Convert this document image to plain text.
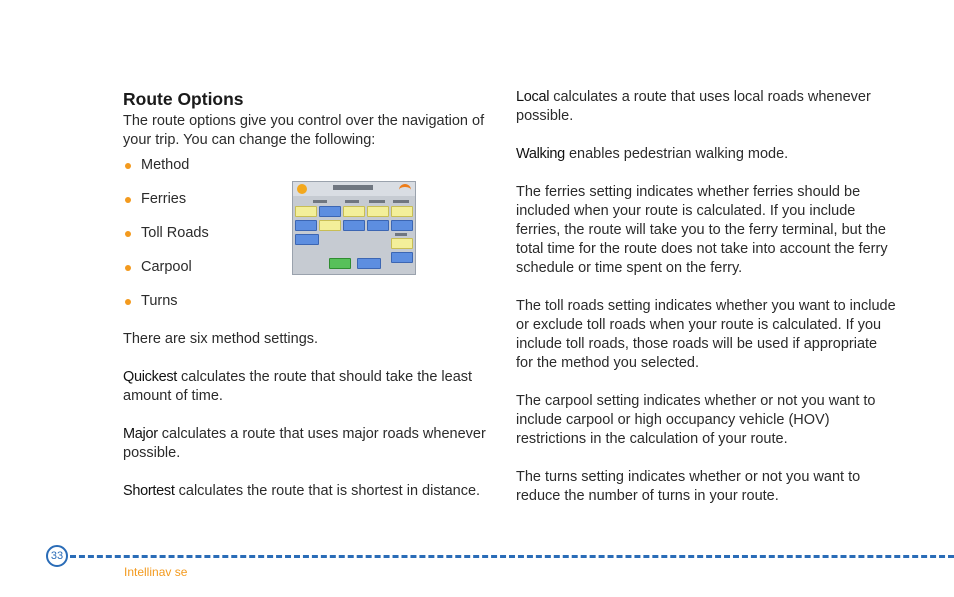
Route Options

The route options give you control over the navigation of your trip. You can change the following:

Method
Ferries
Toll Roads
Carpool
Turns

There are six method settings.

Quickest calculates the route that should take the least amount of time.

Major calculates a route that uses major roads whenever possible.

Shortest calculates the route that is shortest in distance.

Local calculates a route that uses local roads whenever possible.

Walking enables pedestrian walking mode.

The ferries setting indicates whether ferries should be included when your route is calculated. If you include ferries, the route will take you to the ferry terminal, but the total time for the route does not take into account the ferry schedule or time spent on the ferry.

The toll roads setting indicates whether you want to include or exclude toll roads when your route is calculated. If you include toll roads, those roads will be used if appropriate for the method you selected.

The carpool setting indicates whether or not you want to include carpool or high occupancy vehicle (HOV) restrictions in the calculation of your route.

The turns setting indicates whether or not you want to reduce the number of turns in your route.

33
Intellinav se
